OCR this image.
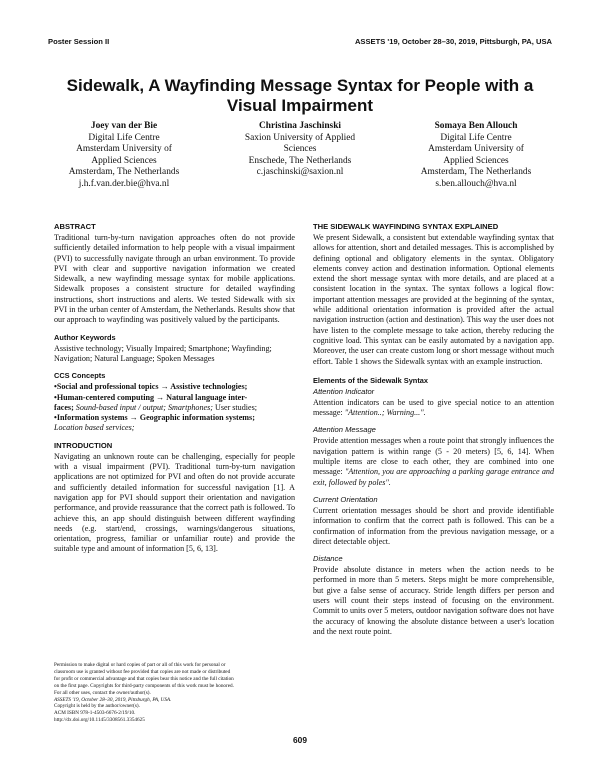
Poster Session II	ASSETS '19, October 28–30, 2019, Pittsburgh, PA, USA
Sidewalk, A Wayfinding Message Syntax for People with a
Visual Impairment
Joey van der Bie
Digital Life Centre
Amsterdam University of
Applied Sciences
Amsterdam, The Netherlands
j.h.f.van.der.bie@hva.nl
Christina Jaschinski
Saxion University of Applied
Sciences
Enschede, The Netherlands
c.jaschinski@saxion.nl
Somaya Ben Allouch
Digital Life Centre
Amsterdam University of
Applied Sciences
Amsterdam, The Netherlands
s.ben.allouch@hva.nl
ABSTRACT

Traditional turn-by-turn navigation approaches often do not provide sufficiently detailed information to help people with a visual impairment (PVI) to successfully navigate through an urban environment. To provide PVI with clear and supportive navigation information we created Sidewalk, a new wayfinding message syntax for mobile applications. Sidewalk proposes a consistent structure for detailed wayfinding instructions, short instructions and alerts. We tested Sidewalk with six PVI in the urban center of Amsterdam, the Netherlands. Results show that our approach to wayfinding was positively valued by the participants.

Author Keywords

Assistive technology; Visually Impaired; Smartphone; Wayfinding; Navigation; Natural Language; Spoken Messages

CCS Concepts

•Social and professional topics → Assistive technologies;

•Human-centered computing → Natural language inter-

faces; Sound-based input / output; Smartphones; User studies;

•Information systems → Geographic information systems;

Location based services;

INTRODUCTION

Navigating an unknown route can be challenging, especially for people with a visual impairment (PVI). Traditional turn-by-turn navigation applications are not optimized for PVI and often do not provide accurate and sufficiently detailed information for successful navigation [1]. A navigation app for PVI should support their orientation and navigation performance, and provide reassurance that the correct path is followed. To achieve this, an app should distinguish between different wayfinding needs (e.g. start/end, crossings, warnings/dangerous situations, orientation, progress, familiar or unfamiliar route) and provide the suitable type and amount of information [5, 6, 13].

Permission to make digital or hard copies of part or all of this work for personal or
classroom use is granted without fee provided that copies are not made or distributed
for profit or commercial advantage and that copies bear this notice and the full citation
on the first page. Copyrights for third-party components of this work must be honored.
For all other uses, contact the owner/author(s).
ASSETS '19, October 28–30, 2019, Pittsburgh, PA, USA.
Copyright is held by the author/owner(s).
ACM ISBN 978-1-4503-6676-2/19/10.
http://dx.doi.org/10.1145/3308561.3354625
THE SIDEWALK WAYFINDING SYNTAX EXPLAINED

We present Sidewalk, a consistent but extendable wayfinding syntax that allows for attention, short and detailed messages. This is accomplished by defining optional and obligatory elements in the syntax. Obligatory elements convey action and destination information. Optional elements extend the short message syntax with more details, and are placed at a consistent location in the syntax. The syntax follows a logical flow: important attention messages are provided at the beginning of the syntax, while additional orientation information is provided after the actual navigation instruction (action and destination). This way the user does not have listen to the complete message to take action, thereby reducing the cognitive load. This syntax can be easily automated by a navigation app. Moreover, the user can create custom long or short message without much effort. Table 1 shows the Sidewalk syntax with an example instruction.

Elements of the Sidewalk Syntax
Attention Indicator

Attention indicators can be used to give special notice to an attention message: "Attention..; Warning...".

Attention Message

Provide attention messages when a route point that strongly influences the navigation pattern is within range (5 - 20 meters) [5, 6, 14]. When multiple items are close to each other, they are combined into one message: "Attention, you are approaching a parking garage entrance and exit, followed by poles".

Current Orientation

Current orientation messages should be short and provide identifiable information to confirm that the correct path is followed. This can be a confirmation of information from the previous navigation message, or a direct detectable object.

Distance

Provide absolute distance in meters when the action needs to be performed in more than 5 meters. Steps might be more comprehensible, but give a false sense of accuracy. Stride length differs per person and users will count their steps instead of focusing on the environment. Commit to units over 5 meters, outdoor navigation software does not have the accuracy of knowing the absolute distance between a user's location and the next route point.

609
